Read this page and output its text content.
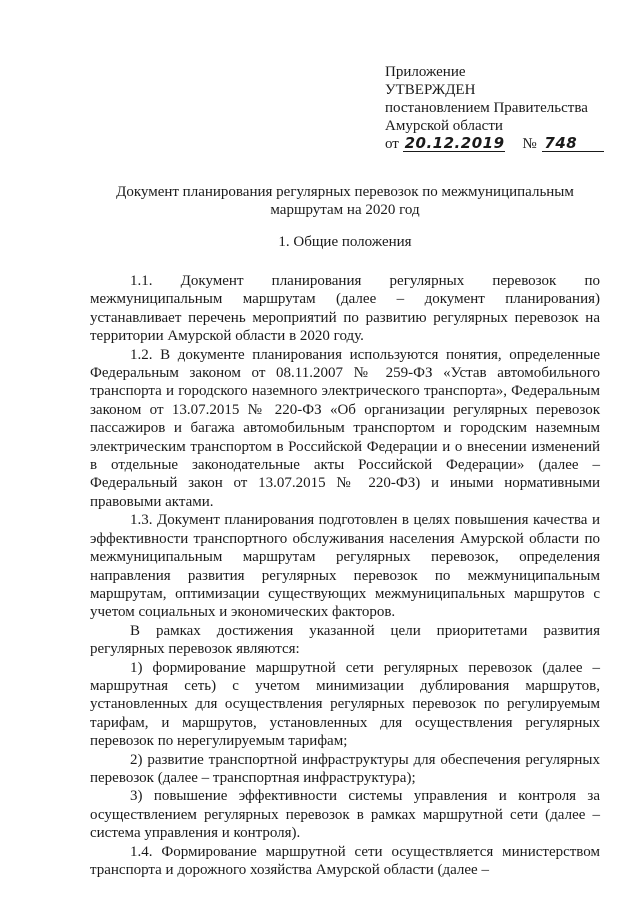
Приложение
УТВЕРЖДЕН
постановлением Правительства
Амурской области
от 20.12.2019 № 748
Документ планирования регулярных перевозок по межмуниципальным маршрутам на 2020 год
1. Общие положения

1.1. Документ планирования регулярных перевозок по межмуниципальным маршрутам (далее – документ планирования) устанавливает перечень мероприятий по развитию регулярных перевозок на территории Амурской области в 2020 году.

1.2. В документе планирования используются понятия, определенные Федеральным законом от 08.11.2007 № 259-ФЗ «Устав автомобильного транспорта и городского наземного электрического транспорта», Федеральным законом от 13.07.2015 № 220-ФЗ «Об организации регулярных перевозок пассажиров и багажа автомобильным транспортом и городским наземным электрическим транспортом в Российской Федерации и о внесении изменений в отдельные законодательные акты Российской Федерации» (далее – Федеральный закон от 13.07.2015 № 220-ФЗ) и иными нормативными правовыми актами.

1.3. Документ планирования подготовлен в целях повышения качества и эффективности транспортного обслуживания населения Амурской области по межмуниципальным маршрутам регулярных перевозок, определения направления развития регулярных перевозок по межмуниципальным маршрутам, оптимизации существующих межмуниципальных маршрутов с учетом социальных и экономических факторов.

В рамках достижения указанной цели приоритетами развития регулярных перевозок являются:

1) формирование маршрутной сети регулярных перевозок (далее – маршрутная сеть) с учетом минимизации дублирования маршрутов, установленных для осуществления регулярных перевозок по регулируемым тарифам, и маршрутов, установленных для осуществления регулярных перевозок по нерегулируемым тарифам;

2) развитие транспортной инфраструктуры для обеспечения регулярных перевозок (далее – транспортная инфраструктура);

3) повышение эффективности системы управления и контроля за осуществлением регулярных перевозок в рамках маршрутной сети (далее – система управления и контроля).

1.4. Формирование маршрутной сети осуществляется министерством транспорта и дорожного хозяйства Амурской области (далее –
